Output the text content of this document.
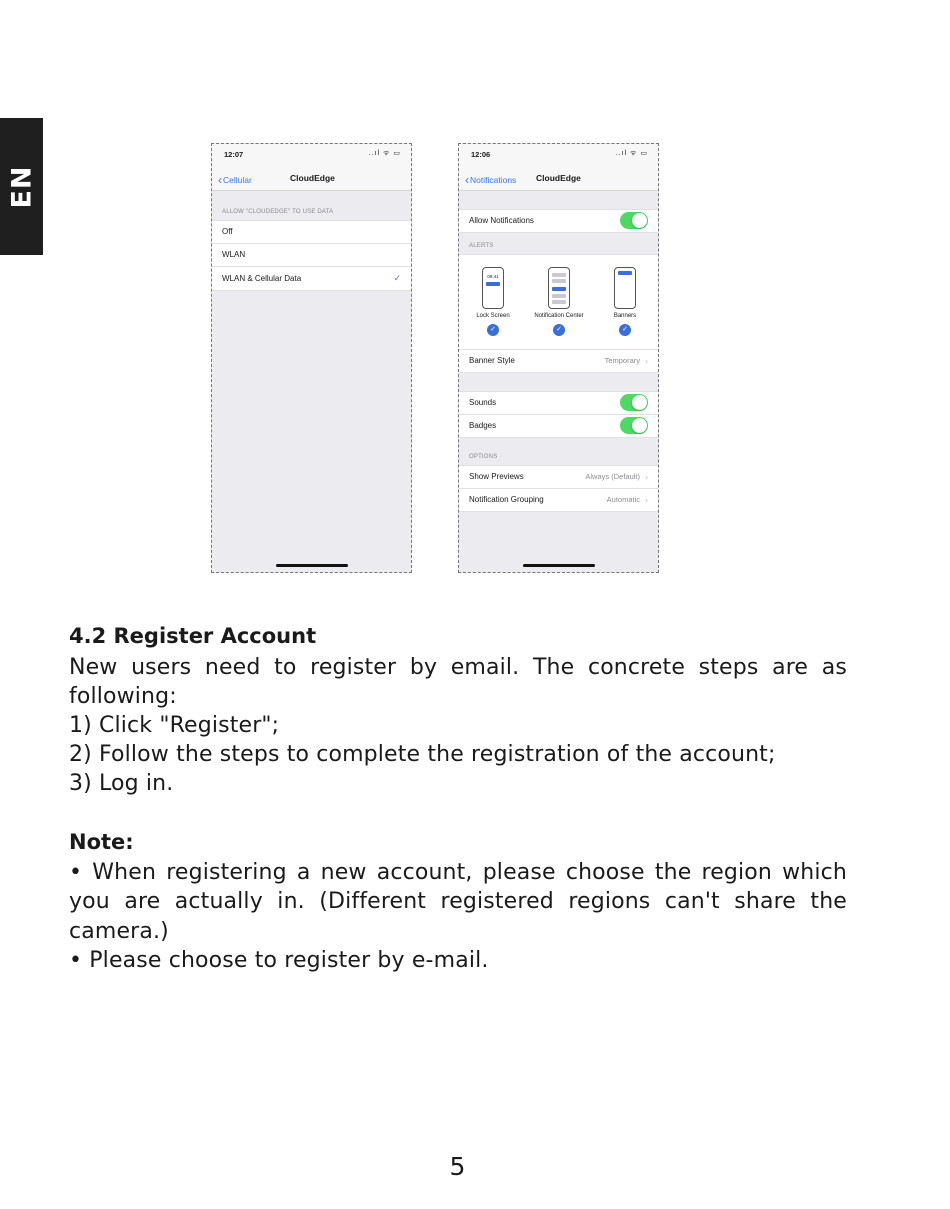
EN
12:07	..ıl ᯤ ▭
‹Cellular	CloudEdge
ALLOW "CLOUDEDGE" TO USE DATA
Off
WLAN
WLAN & Cellular Data	✓
12:06	..ıl ᯤ ▭
‹Notifications CloudEdge
Allow Notifications
ALERTS
09:41
Lock Screen
✓
Notification Center
✓
Banners
✓
Banner Style	Temporary ›
Sounds
Badges
OPTIONS
Show Previews	Always (Default) ›
Notification Grouping	Automatic ›
4.2 Register Account
New users need to register by email. The concrete steps are as following:
1) Click "Register";
2) Follow the steps to complete the registration of the account;
3) Log in.
Note:
• When registering a new account, please choose the region which you are actually in. (Different registered regions can't share the camera.)
• Please choose to register by e-mail.
5
